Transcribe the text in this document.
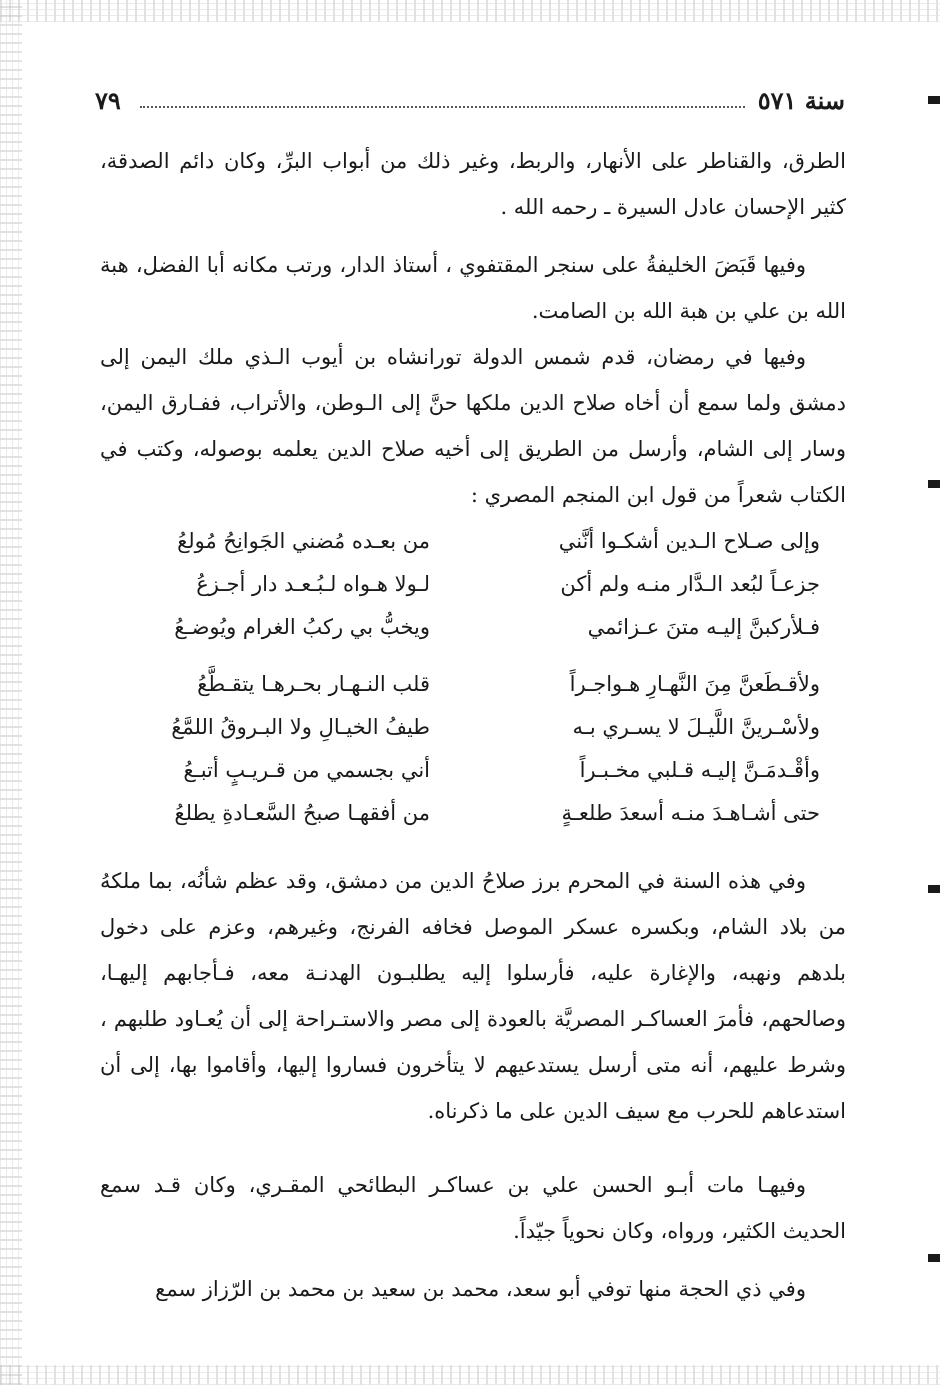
سنة ٥٧١
٧٩

الطرق، والقناطر على الأنهار، والربط، وغير ذلك من أبواب البرِّ، وكان دائم الصدقة، كثير الإحسان عادل السيرة ـ رحمه الله .

وفيها قَبَضَ الخليفةُ على سنجر المقتفوي ، أستاذ الدار، ورتب مكانه أبا الفضل، هبة الله بن علي بن هبة الله بن الصامت.

وفيها في رمضان، قدم شمس الدولة تورانشاه بن أيوب الـذي ملك اليمن إلى دمشق ولما سمع أن أخاه صلاح الدين ملكها حنَّ إلى الـوطن، والأتراب، ففـارق اليمن، وسار إلى الشام، وأرسل من الطريق إلى أخيه صلاح الدين يعلمه بوصوله، وكتب في الكتاب شعراً من قول ابن المنجم المصري :

وإلى صـلاح الـدين أشكـوا أنَّني
من بعـده مُضني الجَوانِحُ مُولعُ
جزعـاً لبُعد الـدَّار منـه ولم أكن
لـولا هـواه لـبُـعـد دار أجـزعُ
فـلأركبنَّ إليـه متنَ عـزائمي
ويخبُّ بي ركبُ الغرام ويُوضـعُ
ولأقـطَعنَّ مِنَ النَّهـارِ هـواجـراً
قلب النـهـار بحـرهـا يتقـطَّعُ
ولأسْـرينَّ اللَّيـلَ لا يسـري بـه
طيفُ الخيـالِ ولا البـروقُ اللمَّعُ
وأقْـدمَـنَّ إليـه قـلبي مخـبـراً
أني بجسمي من قـريـبٍ أتبـعُ
حتى أشـاهـدَ منـه أسعدَ طلعـةٍ
من أفقهـا صبحُ السَّعـادةِ يطلعُ

وفي هذه السنة في المحرم برز صلاحُ الدين من دمشق، وقد عظم شأنُه، بما ملكهُ من بلاد الشام، وبكسره عسكر الموصل فخافه الفرنج، وغيرهم، وعزم على دخول بلدهم ونهبه، والإغارة عليه، فأرسلوا إليه يطلبـون الهدنـة معه، فـأجابهم إليهـا، وصالحهم، فأمرَ العساكـر المصريَّة بالعودة إلى مصر والاستـراحة إلى أن يُعـاود طلبهم ، وشرط عليهم، أنه متى أرسل يستدعيهم لا يتأخرون فساروا إليها، وأقاموا بها، إلى أن استدعاهم للحرب مع سيف الدين على ما ذكرناه.

وفيهـا مات أبـو الحسن علي بن عساكـر البطائحي المقـري، وكان قـد سمع الحديث الكثير، ورواه، وكان نحوياً جيّداً.

وفي ذي الحجة منها توفي أبو سعد، محمد بن سعيد بن محمد بن الرّزاز سمع
